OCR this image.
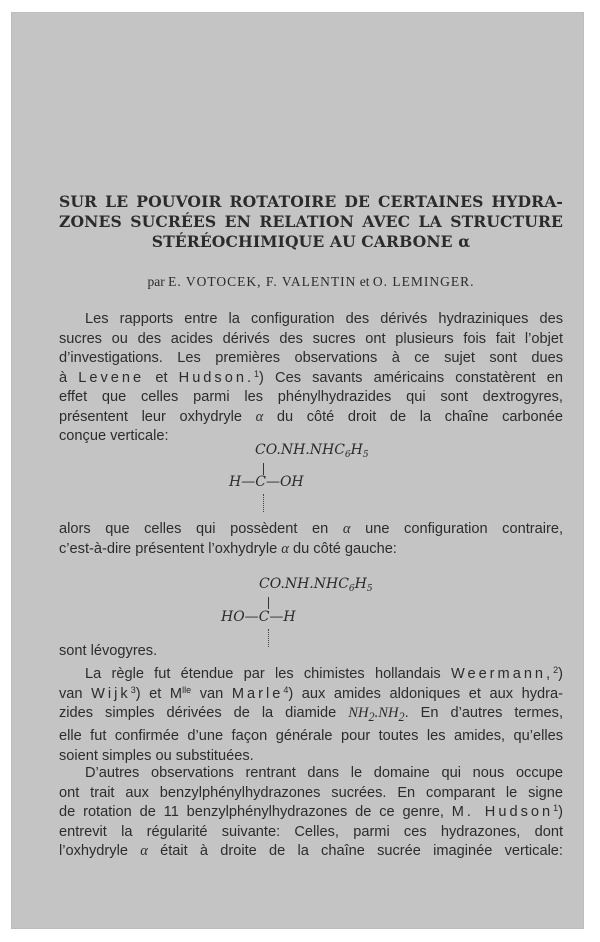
SUR LE POUVOIR ROTATOIRE DE CERTAINES HYDRA-
ZONES SUCRÉES EN RELATION AVEC LA STRUCTURE
STÉRÉOCHIMIQUE AU CARBONE α
par E. VOTOCEK, F. VALENTIN et O. LEMINGER.
Les rapports entre la configuration des dérivés hydraziniques des
sucres ou des acides dérivés des sucres ont plusieurs fois fait l’objet
d’investigations. Les premières observations à ce sujet sont dues
à Levene et Hudson.$^1$) Ces savants américains constatèrent en
effet que celles parmi les phénylhydrazides qui sont dextrogyres,
présentent leur oxhydryle α du côté droit de la chaîne carbonée
conçue verticale:
$CO.NH.NHC_6H_5$
H—C—OH
alors que celles qui possèdent en α une configuration contraire,
c’est-à-dire présentent l’oxhydryle α du côté gauche:
$CO.NH.NHC_6H_5$
HO—C—H
sont lévogyres.
La règle fut étendue par les chimistes hollandais Weermann,$^2$)
van Wijk$^3$) et $M^{lle}$ van Marle$^4$) aux amides aldoniques et aux hydra-
zides simples dérivées de la diamide $NH_2.NH_2$. En d’autres termes,
elle fut confirmée d’une façon générale pour toutes les amides, qu’elles
soient simples ou substituées.
D’autres observations rentrant dans le domaine qui nous occupe
ont trait aux benzylphénylhydrazones sucrées. En comparant le signe
de rotation de 11 benzylphénylhydrazones de ce genre, M. Hudson$^1$)
entrevit la régularité suivante: Celles, parmi ces hydrazones, dont
l’oxhydryle α était à droite de la chaîne sucrée imaginée verticale:
